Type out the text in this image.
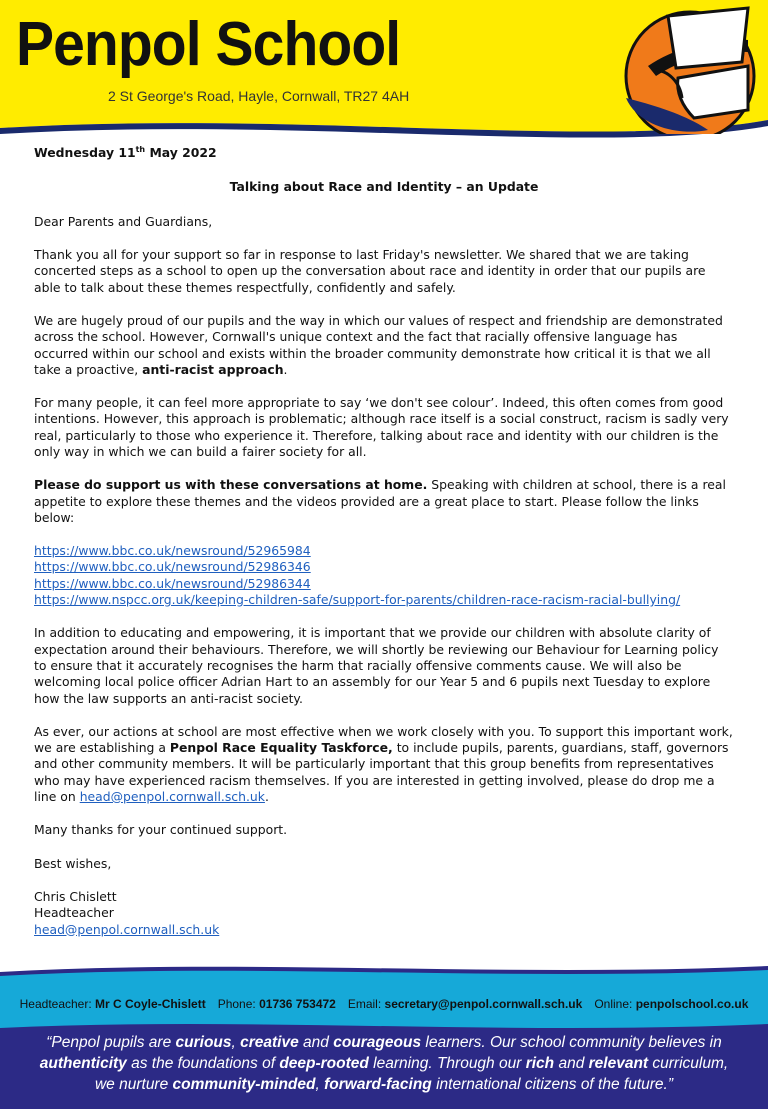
Penpol School
2 St George's Road, Hayle, Cornwall, TR27 4AH

Wednesday 11th May 2022

Talking about Race and Identity – an Update

Dear Parents and Guardians,

Thank you all for your support so far in response to last Friday's newsletter. We shared that we are taking concerted steps as a school to open up the conversation about race and identity in order that our pupils are able to talk about these themes respectfully, confidently and safely.

We are hugely proud of our pupils and the way in which our values of respect and friendship are demonstrated across the school. However, Cornwall's unique context and the fact that racially offensive language has occurred within our school and exists within the broader community demonstrate how critical it is that we all take a proactive, anti-racist approach.

For many people, it can feel more appropriate to say ‘we don't see colour’. Indeed, this often comes from good intentions. However, this approach is problematic; although race itself is a social construct, racism is sadly very real, particularly to those who experience it. Therefore, talking about race and identity with our children is the only way in which we can build a fairer society for all.

Please do support us with these conversations at home. Speaking with children at school, there is a real appetite to explore these themes and the videos provided are a great place to start. Please follow the links below:

https://www.bbc.co.uk/newsround/52965984
https://www.bbc.co.uk/newsround/52986346
https://www.bbc.co.uk/newsround/52986344
https://www.nspcc.org.uk/keeping-children-safe/support-for-parents/children-race-racism-racial-bullying/

In addition to educating and empowering, it is important that we provide our children with absolute clarity of expectation around their behaviours. Therefore, we will shortly be reviewing our Behaviour for Learning policy to ensure that it accurately recognises the harm that racially offensive comments cause. We will also be welcoming local police officer Adrian Hart to an assembly for our Year 5 and 6 pupils next Tuesday to explore how the law supports an anti-racist society.

As ever, our actions at school are most effective when we work closely with you. To support this important work, we are establishing a Penpol Race Equality Taskforce, to include pupils, parents, guardians, staff, governors and other community members. It will be particularly important that this group benefits from representatives who may have experienced racism themselves. If you are interested in getting involved, please do drop me a line on head@penpol.cornwall.sch.uk.

Many thanks for your continued support.

Best wishes,

Chris Chislett
Headteacher
head@penpol.cornwall.sch.uk
Headteacher: Mr C Coyle-Chislett Phone: 01736 753472 Email: secretary@penpol.cornwall.sch.uk Online: penpolschool.co.uk
“Penpol pupils are curious, creative and courageous learners. Our school community believes in authenticity as the foundations of deep-rooted learning. Through our rich and relevant curriculum, we nurture community-minded, forward-facing international citizens of the future.”
